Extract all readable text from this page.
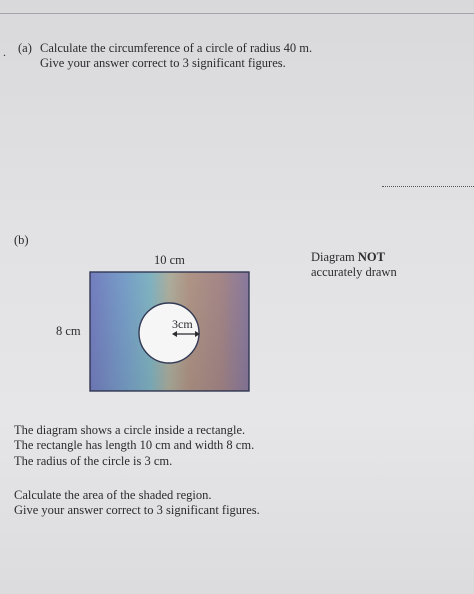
. (a) Calculate the circumference of a circle of radius 40 m.
Give your answer correct to 3 significant figures.
(b)
10 cm
8 cm	3cm
Diagram NOT
accurately drawn
The diagram shows a circle inside a rectangle.
The rectangle has length 10 cm and width 8 cm.
The radius of the circle is 3 cm.
Calculate the area of the shaded region.
Give your answer correct to 3 significant figures.
